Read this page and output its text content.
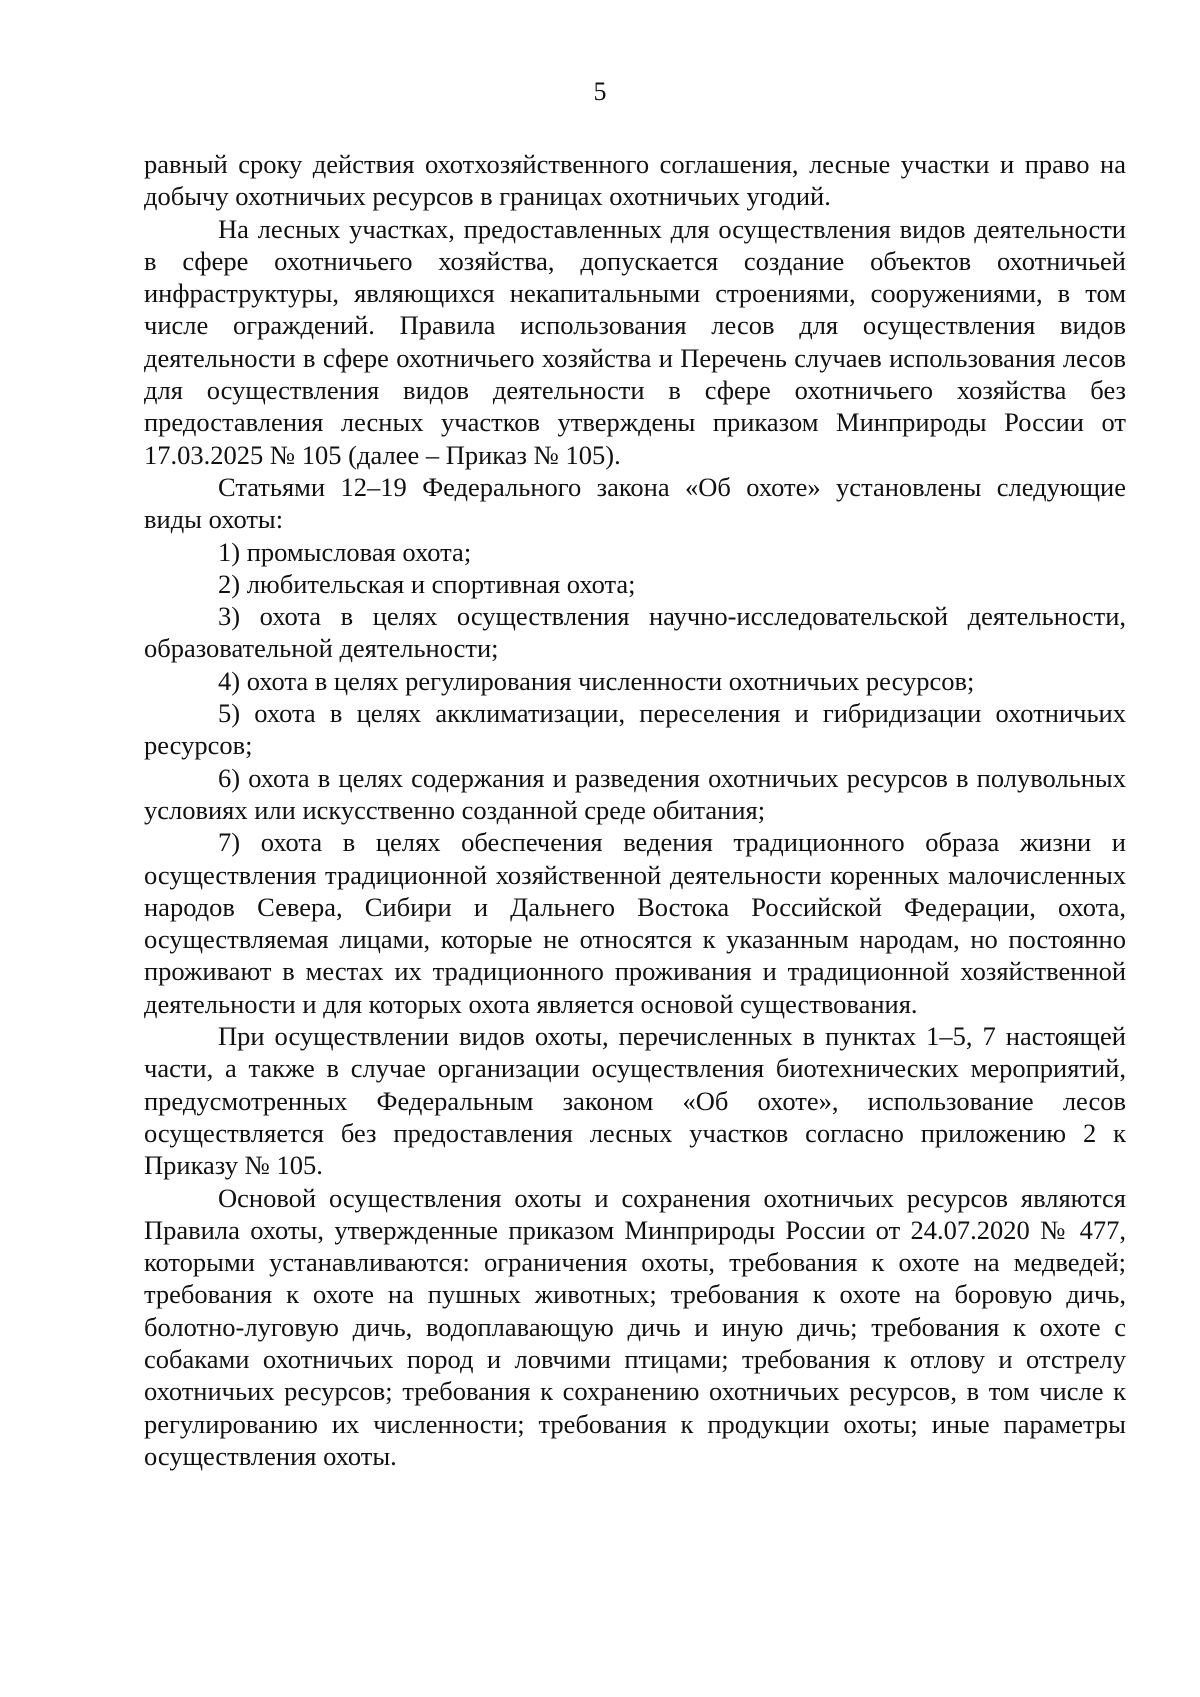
5

равный сроку действия охотхозяйственного соглашения, лесные участки и право на добычу охотничьих ресурсов в границах охотничьих угодий.

На лесных участках, предоставленных для осуществления видов деятельности в сфере охотничьего хозяйства, допускается создание объектов охотничьей инфраструктуры, являющихся некапитальными строениями, сооружениями, в том числе ограждений. Правила использования лесов для осуществления видов деятельности в сфере охотничьего хозяйства и Перечень случаев использования лесов для осуществления видов деятельности в сфере охотничьего хозяйства без предоставления лесных участков утверждены приказом Минприроды России от 17.03.2025 № 105 (далее – Приказ № 105).

Статьями 12–19 Федерального закона «Об охоте» установлены следующие виды охоты:

1) промысловая охота;

2) любительская и спортивная охота;

3) охота в целях осуществления научно-исследовательской деятельности, образовательной деятельности;

4) охота в целях регулирования численности охотничьих ресурсов;

5) охота в целях акклиматизации, переселения и гибридизации охотничьих ресурсов;

6) охота в целях содержания и разведения охотничьих ресурсов в полувольных условиях или искусственно созданной среде обитания;

7) охота в целях обеспечения ведения традиционного образа жизни и осуществления традиционной хозяйственной деятельности коренных малочисленных народов Севера, Сибири и Дальнего Востока Российской Федерации, охота, осуществляемая лицами, которые не относятся к указанным народам, но постоянно проживают в местах их традиционного проживания и традиционной хозяйственной деятельности и для которых охота является основой существования.

При осуществлении видов охоты, перечисленных в пунктах 1–5, 7 настоящей части, а также в случае организации осуществления биотехнических мероприятий, предусмотренных Федеральным законом «Об охоте», использование лесов осуществляется без предоставления лесных участков согласно приложению 2 к Приказу № 105.

Основой осуществления охоты и сохранения охотничьих ресурсов являются Правила охоты, утвержденные приказом Минприроды России от 24.07.2020 № 477, которыми устанавливаются: ограничения охоты, требования к охоте на медведей; требования к охоте на пушных животных; требования к охоте на боровую дичь, болотно-луговую дичь, водоплавающую дичь и иную дичь; требования к охоте с собаками охотничьих пород и ловчими птицами; требования к отлову и отстрелу охотничьих ресурсов; требования к сохранению охотничьих ресурсов, в том числе к регулированию их численности; требования к продукции охоты; иные параметры осуществления охоты.
